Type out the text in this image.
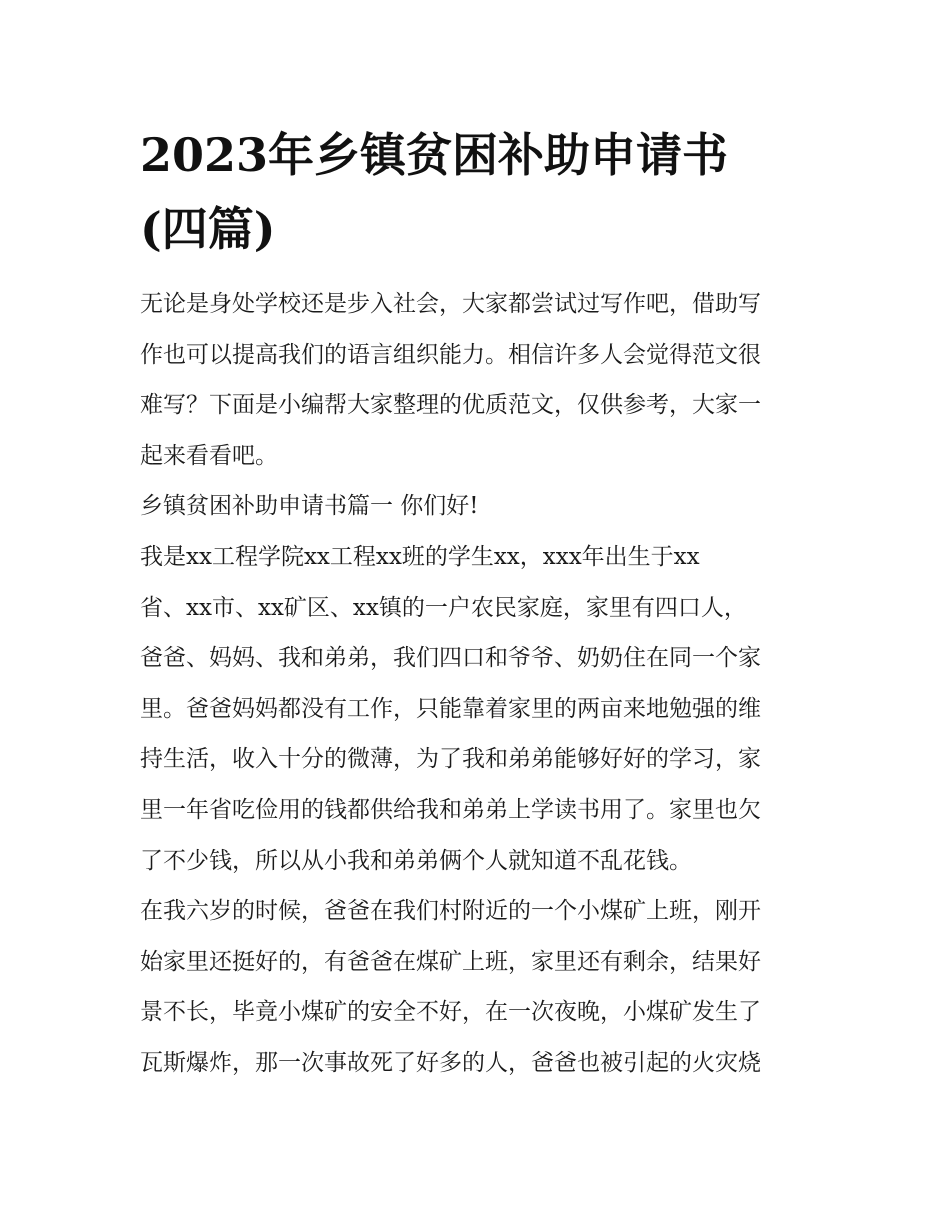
2023年乡镇贫困补助申请书
(四篇)
无论是身处学校还是步入社会，大家都尝试过写作吧，借助写
作也可以提高我们的语言组织能力。相信许多人会觉得范文很
难写？下面是小编帮大家整理的优质范文，仅供参考，大家一
起来看看吧。
乡镇贫困补助申请书篇一 你们好!
我是xx工程学院xx工程xx班的学生xx，xxx年出生于xx
省、xx市、xx矿区、xx镇的一户农民家庭，家里有四口人，
爸爸、妈妈、我和弟弟，我们四口和爷爷、奶奶住在同一个家
里。爸爸妈妈都没有工作，只能靠着家里的两亩来地勉强的维
持生活，收入十分的微薄，为了我和弟弟能够好好的学习，家
里一年省吃俭用的钱都供给我和弟弟上学读书用了。家里也欠
了不少钱，所以从小我和弟弟俩个人就知道不乱花钱。
在我六岁的时候，爸爸在我们村附近的一个小煤矿上班，刚开
始家里还挺好的，有爸爸在煤矿上班，家里还有剩余，结果好
景不长，毕竟小煤矿的安全不好，在一次夜晚，小煤矿发生了
瓦斯爆炸，那一次事故死了好多的人，爸爸也被引起的火灾烧
